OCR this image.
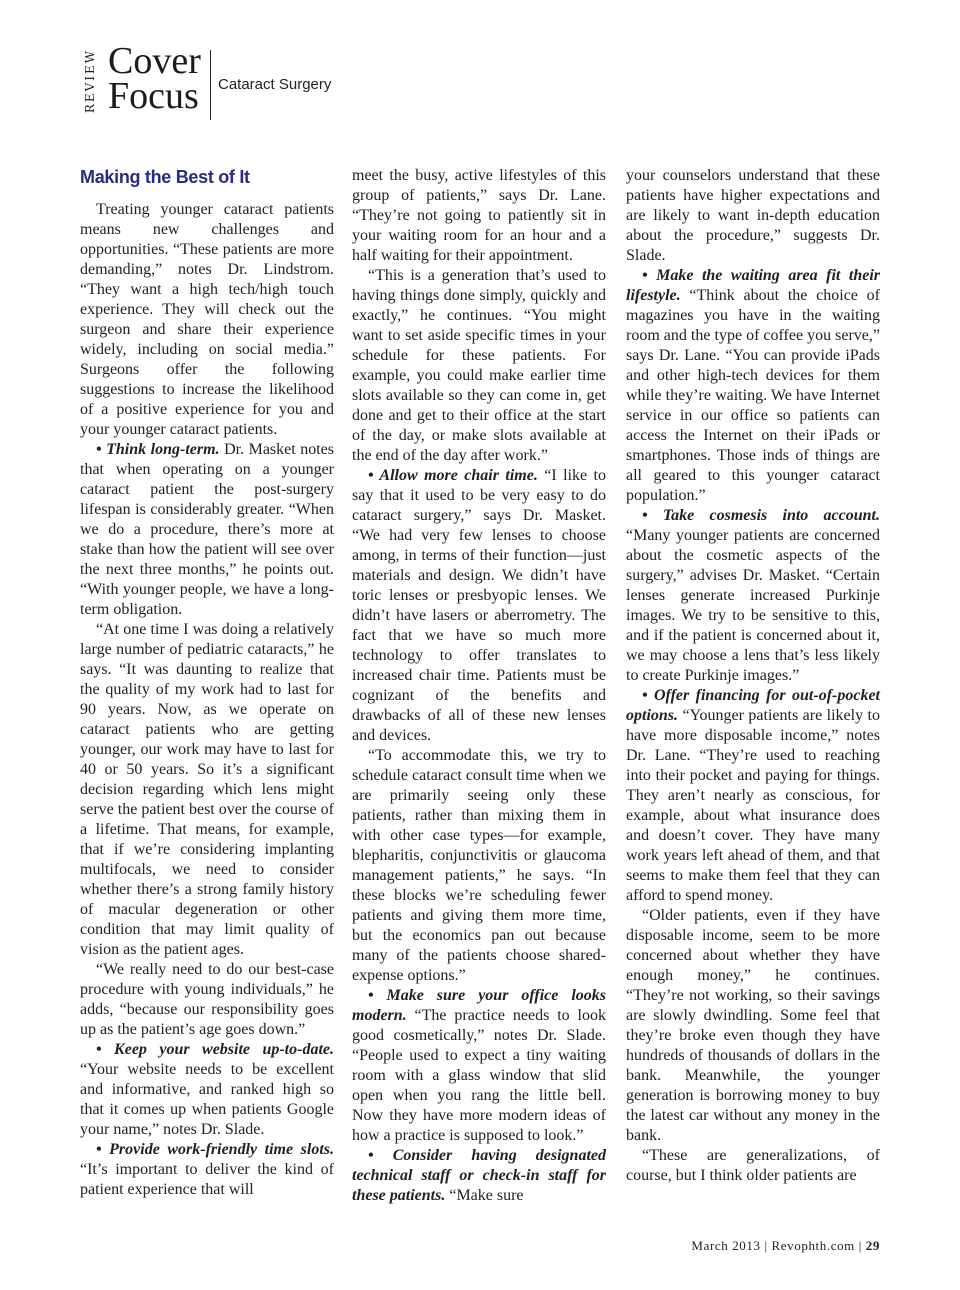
REVIEW Cover
Focus Cataract Surgery
Making the Best of It

Treating younger cataract patients means new challenges and opportunities. “These patients are more demanding,” notes Dr. Lindstrom. “They want a high tech/high touch experience. They will check out the surgeon and share their experience widely, including on social media.” Surgeons offer the following suggestions to increase the likelihood of a positive experience for you and your younger cataract patients.

• Think long-term. Dr. Masket notes that when operating on a younger cataract patient the post-surgery lifespan is considerably greater. “When we do a procedure, there’s more at stake than how the patient will see over the next three months,” he points out. “With younger people, we have a long-term obligation.

“At one time I was doing a relatively large number of pediatric cataracts,” he says. “It was daunting to realize that the quality of my work had to last for 90 years. Now, as we operate on cataract patients who are getting younger, our work may have to last for 40 or 50 years. So it’s a significant decision regarding which lens might serve the patient best over the course of a lifetime. That means, for example, that if we’re considering implanting multifocals, we need to consider whether there’s a strong family history of macular degeneration or other condition that may limit quality of vision as the patient ages.

“We really need to do our best-case procedure with young individuals,” he adds, “because our responsibility goes up as the patient’s age goes down.”

• Keep your website up-to-date. “Your website needs to be excellent and informative, and ranked high so that it comes up when patients Google your name,” notes Dr. Slade.

• Provide work-friendly time slots. “It’s important to deliver the kind of patient experience that will

meet the busy, active lifestyles of this group of patients,” says Dr. Lane. “They’re not going to patiently sit in your waiting room for an hour and a half waiting for their appointment.

“This is a generation that’s used to having things done simply, quickly and exactly,” he continues. “You might want to set aside specific times in your schedule for these patients. For example, you could make earlier time slots available so they can come in, get done and get to their office at the start of the day, or make slots available at the end of the day after work.”

• Allow more chair time. “I like to say that it used to be very easy to do cataract surgery,” says Dr. Masket. “We had very few lenses to choose among, in terms of their function—just materials and design. We didn’t have toric lenses or presbyopic lenses. We didn’t have lasers or aberrometry. The fact that we have so much more technology to offer translates to increased chair time. Patients must be cognizant of the benefits and drawbacks of all of these new lenses and devices.

“To accommodate this, we try to schedule cataract consult time when we are primarily seeing only these patients, rather than mixing them in with other case types—for example, blepharitis, conjunctivitis or glaucoma management patients,” he says. “In these blocks we’re scheduling fewer patients and giving them more time, but the economics pan out because many of the patients choose shared-expense options.”

• Make sure your office looks modern. “The practice needs to look good cosmetically,” notes Dr. Slade. “People used to expect a tiny waiting room with a glass window that slid open when you rang the little bell. Now they have more modern ideas of how a practice is supposed to look.”

• Consider having designated technical staff or check-in staff for these patients. “Make sure

your counselors understand that these patients have higher expectations and are likely to want in-depth education about the procedure,” suggests Dr. Slade.

• Make the waiting area fit their lifestyle. “Think about the choice of magazines you have in the waiting room and the type of coffee you serve,” says Dr. Lane. “You can provide iPads and other high-tech devices for them while they’re waiting. We have Internet service in our office so patients can access the Internet on their iPads or smartphones. Those inds of things are all geared to this younger cataract population.”

• Take cosmesis into account. “Many younger patients are concerned about the cosmetic aspects of the surgery,” advises Dr. Masket. “Certain lenses generate increased Purkinje images. We try to be sensitive to this, and if the patient is concerned about it, we may choose a lens that’s less likely to create Purkinje images.”

• Offer financing for out-of-pocket options. “Younger patients are likely to have more disposable income,” notes Dr. Lane. “They’re used to reaching into their pocket and paying for things. They aren’t nearly as conscious, for example, about what insurance does and doesn’t cover. They have many work years left ahead of them, and that seems to make them feel that they can afford to spend money.

“Older patients, even if they have disposable income, seem to be more concerned about whether they have enough money,” he continues. “They’re not working, so their savings are slowly dwindling. Some feel that they’re broke even though they have hundreds of thousands of dollars in the bank. Meanwhile, the younger generation is borrowing money to buy the latest car without any money in the bank.

“These are generalizations, of course, but I think older patients are

March 2013 | Revophth.com | 29
